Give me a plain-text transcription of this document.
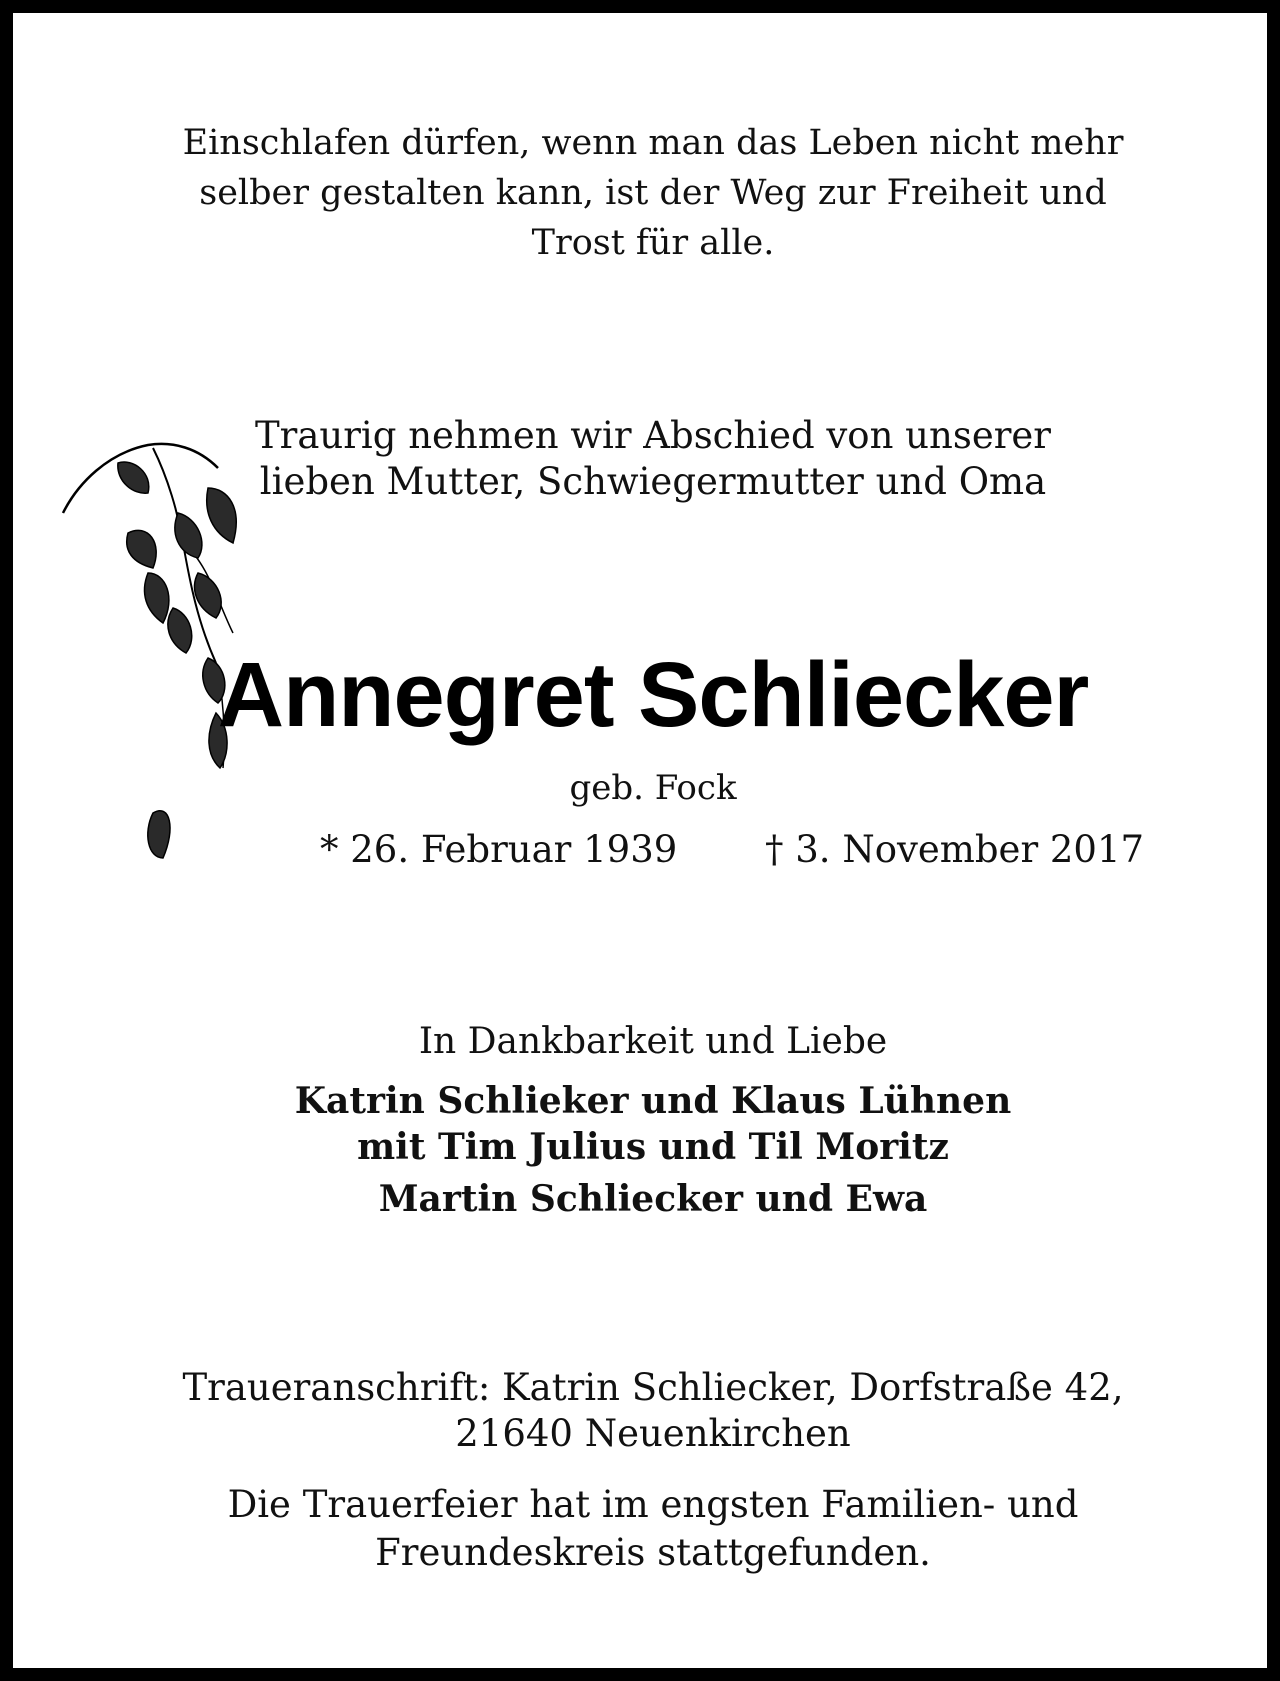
Einschlafen dürfen, wenn man das Leben nicht mehr
selber gestalten kann, ist der Weg zur Freiheit und
Trost für alle.
Traurig nehmen wir Abschied von unserer
lieben Mutter, Schwiegermutter und Oma
Annegret Schliecker
geb. Fock
* 26. Februar 1939 † 3. November 2017
In Dankbarkeit und Liebe
Katrin Schlieker und Klaus Lühnen
mit Tim Julius und Til Moritz
Martin Schliecker und Ewa
Traueranschrift: Katrin Schliecker, Dorfstraße 42,
21640 Neuenkirchen
Die Trauerfeier hat im engsten Familien- und
Freundeskreis stattgefunden.
